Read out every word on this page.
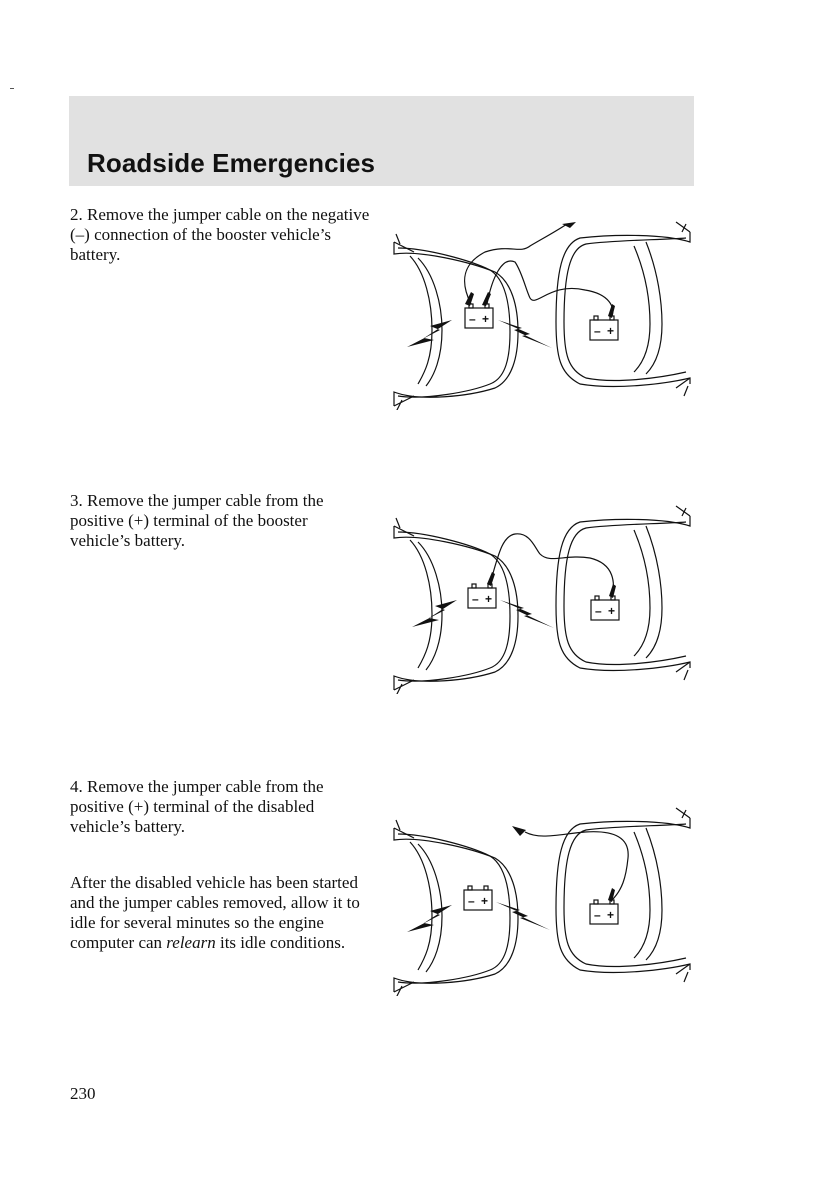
Roadside Emergencies

2. Remove the jumper cable on the negative (–) connection of the booster vehicle’s battery.

3. Remove the jumper cable from the positive (+) terminal of the booster vehicle’s battery.

4. Remove the jumper cable from the positive (+) terminal of the disabled vehicle’s battery.

After the disabled vehicle has been started and the jumper cables removed, allow it to idle for several minutes so the engine computer can relearn its idle conditions.

– +
– +
– +
– +
– +
– +
230
